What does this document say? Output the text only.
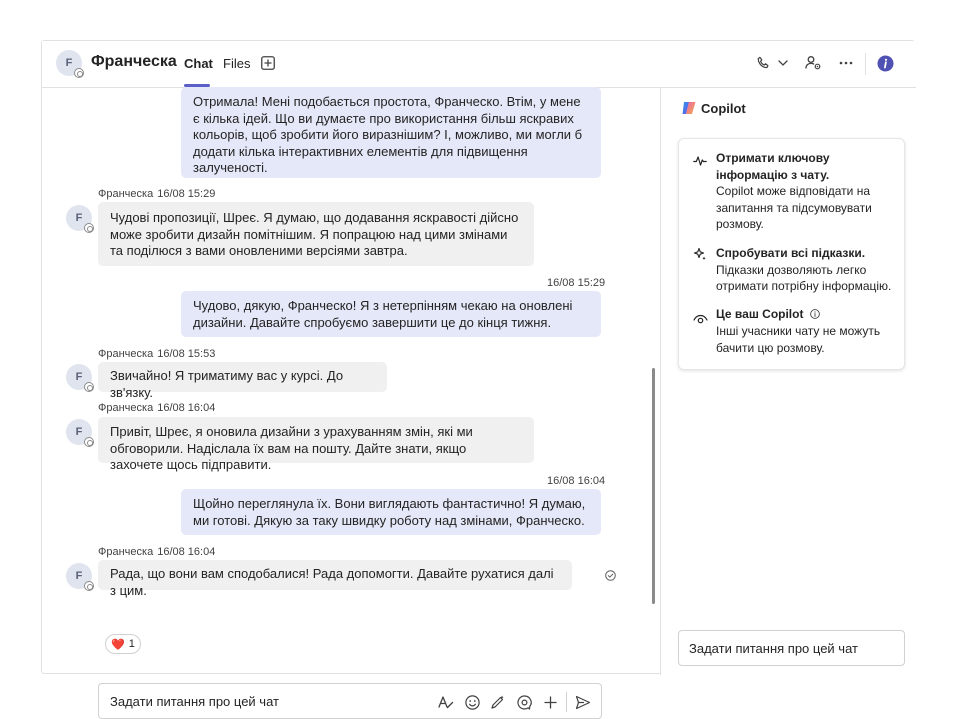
F Франческа Chat Files
Отримала! Мені подобається простота, Франческо. Втім, у мене є кілька ідей. Що ви думаєте про використання більш яскравих кольорів, щоб зробити його виразнішим? І, можливо, ми могли б додати кілька інтерактивних елементів для підвищення залученості.
Франческа 16/08 15:29
F	Чудові пропозиції, Шреє. Я думаю, що додавання яскравості дійсно може зробити дизайн помітнішим. Я попрацюю над цими змінами та поділюся з вами оновленими версіями завтра.
16/08 15:29
Чудово, дякую, Франческо! Я з нетерпінням чекаю на оновлені дизайни. Давайте спробуємо завершити це до кінця тижня.
Франческа 16/08 15:53
F	Звичайно! Я триматиму вас у курсі. До зв'язку.
Франческа 16/08 16:04
F	Привіт, Шреє, я оновила дизайни з урахуванням змін, які ми обговорили. Надіслала їх вам на пошту. Дайте знати, якщо захочете щось підправити.
16/08 16:04
Щойно переглянула їх. Вони виглядають фантастично! Я думаю, ми готові. Дякую за таку швидку роботу над змінами, Франческо.
Франческа 16/08 16:04
F	Рада, що вони вам сподобалися! Рада допомогти. Давайте рухатися далі з цим.
❤️ 1
Задати питання про цей чат
Copilot
Отримати ключову інформацію з чату.
Copilot може відповідати на запитання та підсумовувати розмову.
Спробувати всі підказки.
Підказки дозволяють легко отримати потрібну інформацію.
Це ваш Copilot
Інші учасники чату не можуть бачити цю розмову.
Задати питання про цей чат
